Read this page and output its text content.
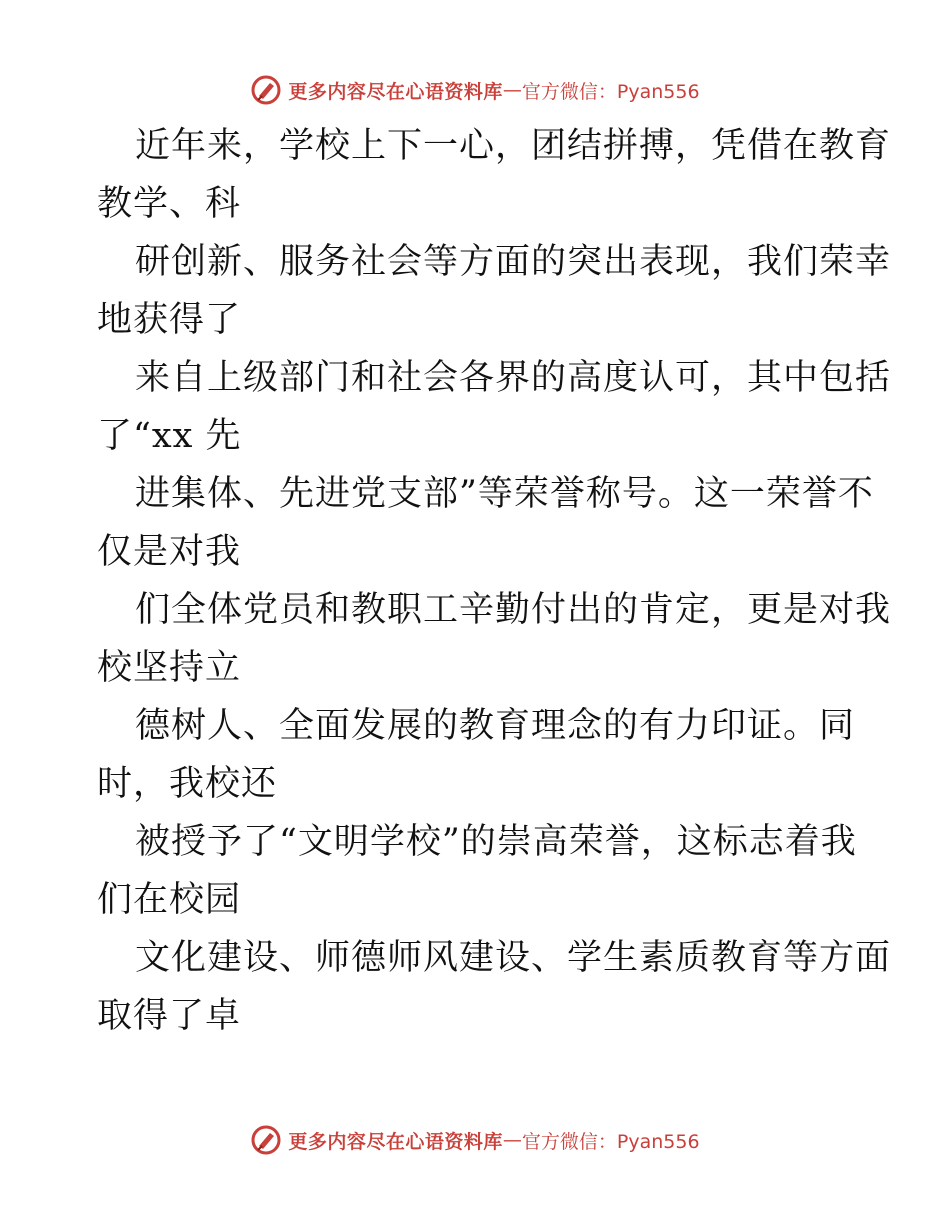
更多内容尽在心语资料库 — 官方微信：Pyan556
近年来，学校上下一心，团结拼搏，凭借在教育
教学、科
研创新、服务社会等方面的突出表现，我们荣幸
地获得了
来自上级部门和社会各界的高度认可，其中包括
了“xx 先
进集体、先进党支部”等荣誉称号。这一荣誉不
仅是对我
们全体党员和教职工辛勤付出的肯定，更是对我
校坚持立
德树人、全面发展的教育理念的有力印证。同
时，我校还
被授予了“文明学校”的崇高荣誉，这标志着我
们在校园
文化建设、师德师风建设、学生素质教育等方面
取得了卓
更多内容尽在心语资料库 — 官方微信：Pyan556
